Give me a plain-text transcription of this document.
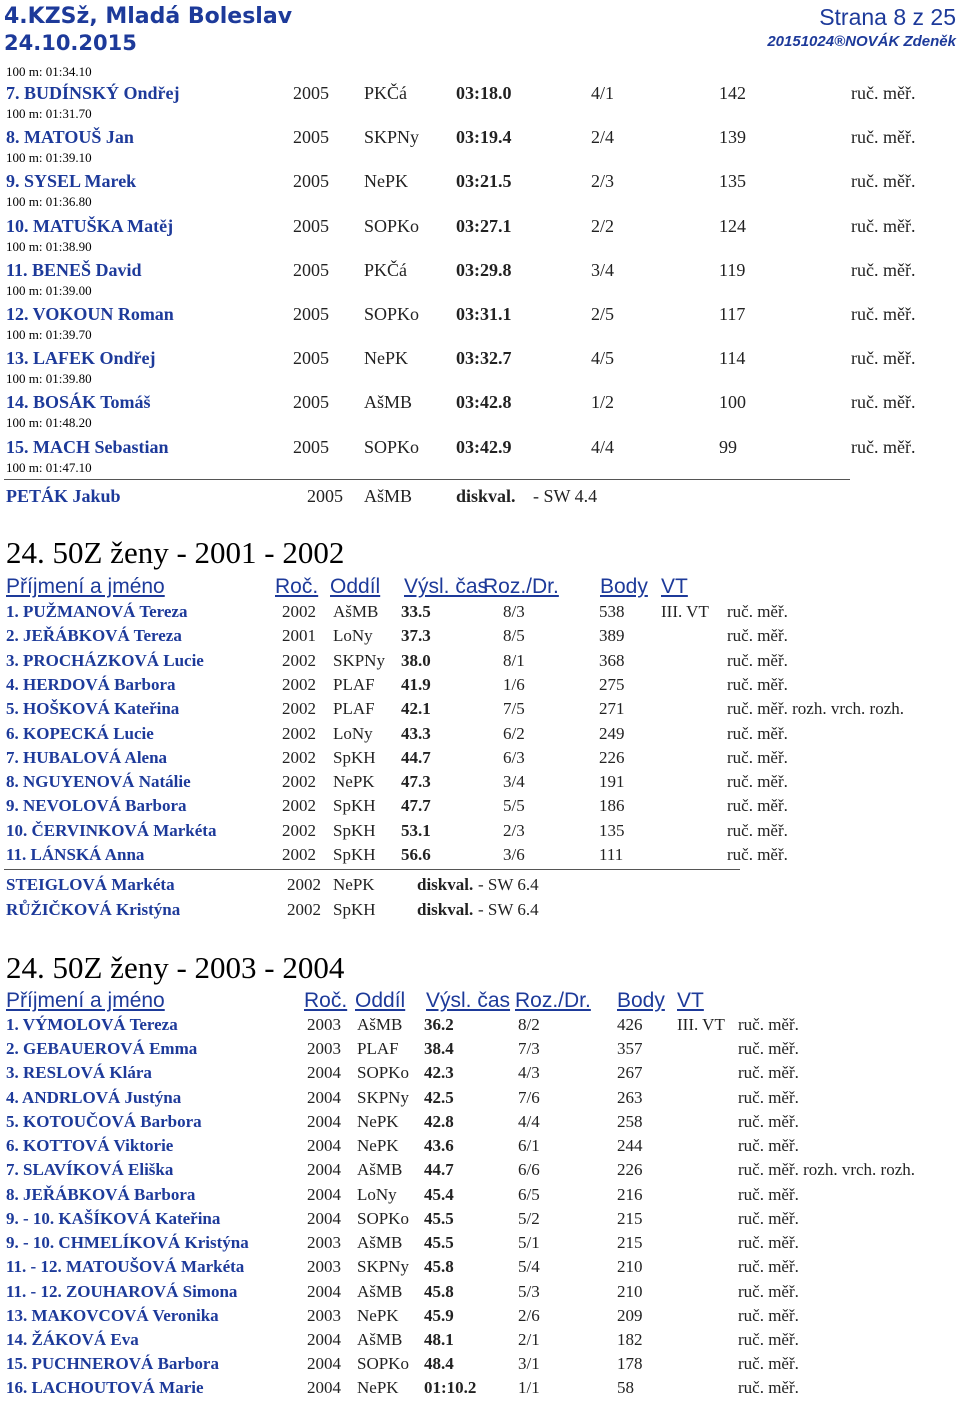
4.KZSž, Mladá Boleslav
24.10.2015
Strana 8 z 25
20151024®NOVÁK Zdeněk
100 m: 01:34.10
7. BUDÍNSKÝ Ondřej	2005 PKČá	03:18.0	4/1	142	ruč. měř.
100 m: 01:31.70
8. MATOUŠ Jan	2005 SKPNy 03:19.4	2/4	139	ruč. měř.
100 m: 01:39.10
9. SYSEL Marek	2005 NePK	03:21.5	2/3	135	ruč. měř.
100 m: 01:36.80
10. MATUŠKA Matěj	2005 SOPKo 03:27.1	2/2	124	ruč. měř.
100 m: 01:38.90
11. BENEŠ David	2005 PKČá	03:29.8	3/4	119	ruč. měř.
100 m: 01:39.00
12. VOKOUN Roman	2005 SOPKo 03:31.1	2/5	117	ruč. měř.
100 m: 01:39.70
13. LAFEK Ondřej	2005 NePK	03:32.7	4/5	114	ruč. měř.
100 m: 01:39.80
14. BOSÁK Tomáš	2005 AšMB 03:42.8	1/2	100	ruč. měř.
100 m: 01:48.20
15. MACH Sebastian	2005 SOPKo 03:42.9	4/4	99	ruč. měř.
100 m: 01:47.10
PETÁK Jakub	2005 AšMB diskval. - SW 4.4
24. 50Z ženy - 2001 - 2002
Příjmení a jméno	Roč. Oddíl Výsl. čas
Roz./Dr. Body VT
1. PUŽMANOVÁ Tereza	2002 AšMB 33.5	8/3	538 III. VT ruč. měř.
2. JEŘÁBKOVÁ Tereza	2001 LoNy 37.3	8/5	389	ruč. měř.
3. PROCHÁZKOVÁ Lucie	2002 SKPNy 38.0	8/1	368	ruč. měř.
4. HERDOVÁ Barbora	2002 PLAF 41.9	1/6	275	ruč. měř.
5. HOŠKOVÁ Kateřina	2002 PLAF 42.1	7/5	271	ruč. měř. rozh. vrch. rozh.
6. KOPECKÁ Lucie	2002 LoNy 43.3	6/2	249	ruč. měř.
7. HUBALOVÁ Alena	2002 SpKH 44.7	6/3	226	ruč. měř.
8. NGUYENOVÁ Natálie	2002 NePK 47.3	3/4	191	ruč. měř.
9. NEVOLOVÁ Barbora	2002 SpKH 47.7	5/5	186	ruč. měř.
10. ČERVINKOVÁ Markéta	2002 SpKH 53.1	2/3	135	ruč. měř.
11. LÁNSKÁ Anna	2002 SpKH 56.6	3/6	111	ruč. měř.
STEIGLOVÁ Markéta	2002 NePK diskval. - SW 6.4
RŮŽIČKOVÁ Kristýna	2002 SpKH diskval. - SW 6.4
24. 50Z ženy - 2003 - 2004
Příjmení a jméno	Roč. Oddíl Výsl. čas Roz./Dr. Body VT
1. VÝMOLOVÁ Tereza	2003 AšMB 36.2	8/2	426 III. VT ruč. měř.
2. GEBAUEROVÁ Emma	2003 PLAF 38.4	7/3	357	ruč. měř.
3. RESLOVÁ Klára	2004 SOPKo 42.3	4/3	267	ruč. měř.
4. ANDRLOVÁ Justýna	2004 SKPNy 42.5	7/6	263	ruč. měř.
5. KOTOUČOVÁ Barbora	2004 NePK 42.8	4/4	258	ruč. měř.
6. KOTTOVÁ Viktorie	2004 NePK 43.6	6/1	244	ruč. měř.
7. SLAVÍKOVÁ Eliška	2004 AšMB 44.7	6/6	226	ruč. měř. rozh. vrch. rozh.
8. JEŘÁBKOVÁ Barbora	2004 LoNy 45.4	6/5	216	ruč. měř.
9. - 10. KAŠÍKOVÁ Kateřina	2004 SOPKo 45.5	5/2	215	ruč. měř.
9. - 10. CHMELÍKOVÁ Kristýna	2003 AšMB 45.5	5/1	215	ruč. měř.
11. - 12. MATOUŠOVÁ Markéta	2003 SKPNy 45.8	5/4	210	ruč. měř.
11. - 12. ZOUHAROVÁ Simona	2004 AšMB 45.8	5/3	210	ruč. měř.
13. MAKOVCOVÁ Veronika	2003 NePK 45.9	2/6	209	ruč. měř.
14. ŽÁKOVÁ Eva	2004 AšMB 48.1	2/1	182	ruč. měř.
15. PUCHNEROVÁ Barbora	2004 SOPKo 48.4	3/1	178	ruč. měř.
16. LACHOUTOVÁ Marie	2004 NePK 01:10.2 1/1	58	ruč. měř.
